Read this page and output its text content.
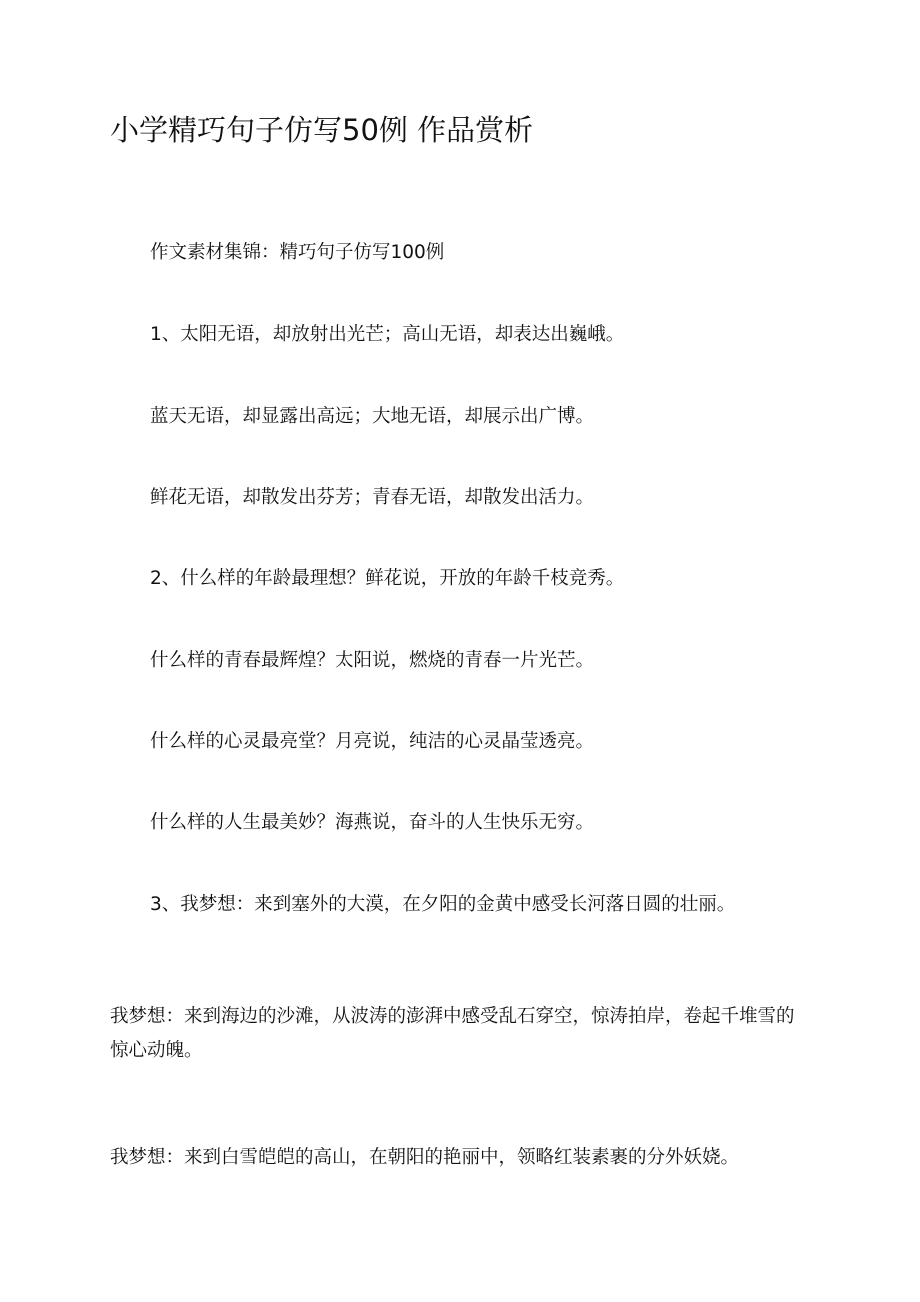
小学精巧句子仿写50例 作品赏析

作文素材集锦：精巧句子仿写100例

1、太阳无语，却放射出光芒；高山无语，却表达出巍峨。

蓝天无语，却显露出高远；大地无语，却展示出广博。

鲜花无语，却散发出芬芳；青春无语，却散发出活力。

2、什么样的年龄最理想？鲜花说，开放的年龄千枝竞秀。

什么样的青春最辉煌？太阳说，燃烧的青春一片光芒。

什么样的心灵最亮堂？月亮说，纯洁的心灵晶莹透亮。

什么样的人生最美妙？海燕说，奋斗的人生快乐无穷。

3、我梦想：来到塞外的大漠，在夕阳的金黄中感受长河落日圆的壮丽。

我梦想：来到海边的沙滩，从波涛的澎湃中感受乱石穿空，惊涛拍岸，卷起千堆雪的惊心动魄。

我梦想：来到白雪皑皑的高山，在朝阳的艳丽中，领略红装素裹的分外妖娆。
